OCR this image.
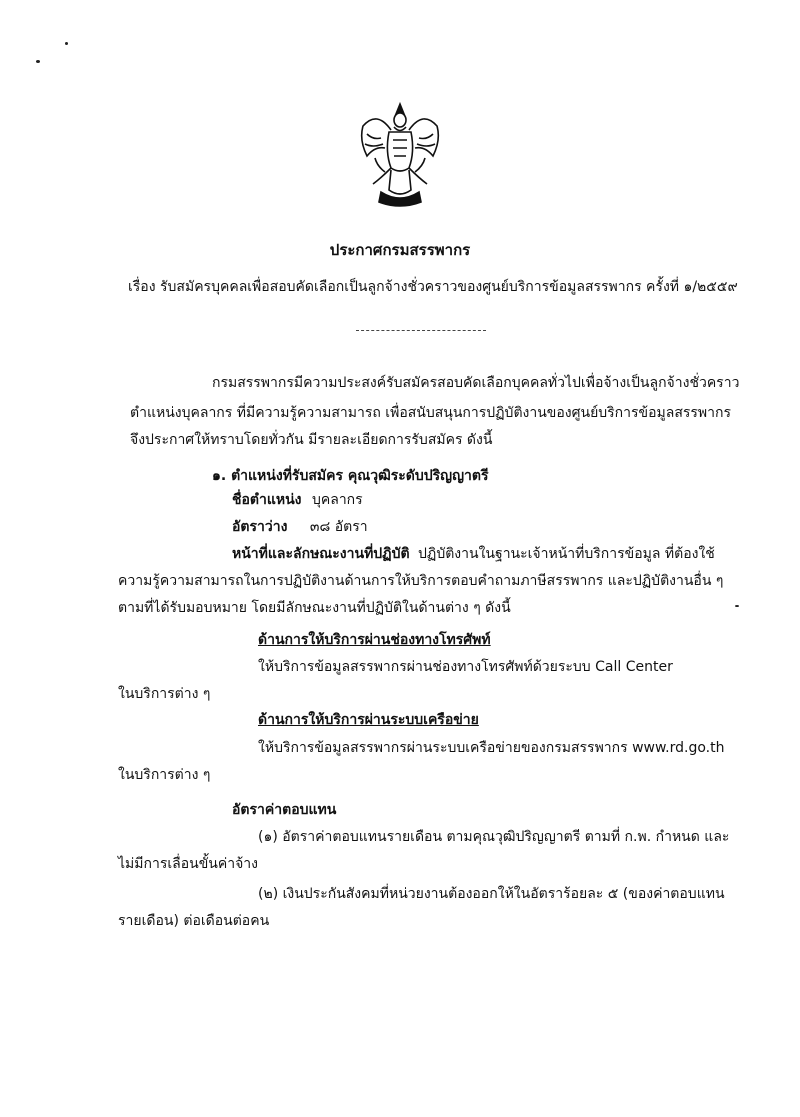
ประกาศกรมสรรพากร
เรื่อง รับสมัครบุคคลเพื่อสอบคัดเลือกเป็นลูกจ้างชั่วคราวของศูนย์บริการข้อมูลสรรพากร ครั้งที่ ๑/๒๕๕๙
กรมสรรพากรมีความประสงค์รับสมัครสอบคัดเลือกบุคคลทั่วไปเพื่อจ้างเป็นลูกจ้างชั่วคราว
ตำแหน่งบุคลากร ที่มีความรู้ความสามารถ เพื่อสนับสนุนการปฏิบัติงานของศูนย์บริการข้อมูลสรรพากร
จึงประกาศให้ทราบโดยทั่วกัน มีรายละเอียดการรับสมัคร ดังนี้
๑. ตำแหน่งที่รับสมัคร คุณวุฒิระดับปริญญาตรี
ชื่อตำแหน่ง บุคลากร
อัตราว่าง ๓๘ อัตรา
หน้าที่และลักษณะงานที่ปฏิบัติ ปฏิบัติงานในฐานะเจ้าหน้าที่บริการข้อมูล ที่ต้องใช้
ความรู้ความสามารถในการปฏิบัติงานด้านการให้บริการตอบคำถามภาษีสรรพากร และปฏิบัติงานอื่น ๆ
ตามที่ได้รับมอบหมาย โดยมีลักษณะงานที่ปฏิบัติในด้านต่าง ๆ ดังนี้
ด้านการให้บริการผ่านช่องทางโทรศัพท์
ให้บริการข้อมูลสรรพากรผ่านช่องทางโทรศัพท์ด้วยระบบ Call Center
ในบริการต่าง ๆ
ด้านการให้บริการผ่านระบบเครือข่าย
ให้บริการข้อมูลสรรพากรผ่านระบบเครือข่ายของกรมสรรพากร www.rd.go.th
ในบริการต่าง ๆ
อัตราค่าตอบแทน
(๑) อัตราค่าตอบแทนรายเดือน ตามคุณวุฒิปริญญาตรี ตามที่ ก.พ. กำหนด และ
ไม่มีการเลื่อนขั้นค่าจ้าง
(๒) เงินประกันสังคมที่หน่วยงานต้องออกให้ในอัตราร้อยละ ๕ (ของค่าตอบแทน
รายเดือน) ต่อเดือนต่อคน
